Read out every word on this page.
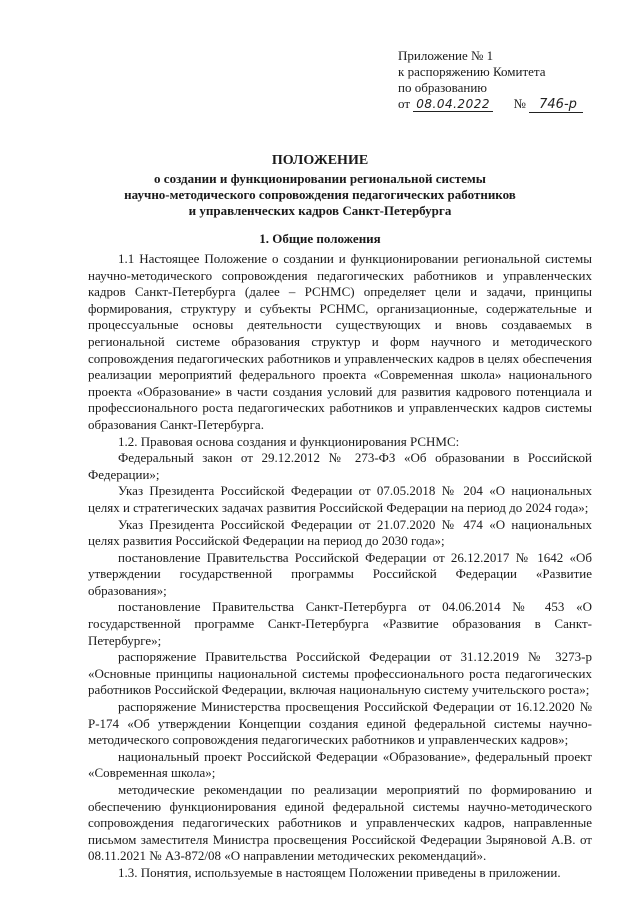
Приложение № 1
к распоряжению Комитета
по образованию
от 08.04.2022 № 746-р
ПОЛОЖЕНИЕ
о создании и функционировании региональной системы
научно-методического сопровождения педагогических работников
и управленческих кадров Санкт-Петербурга
1. Общие положения

1.1 Настоящее Положение о создании и функционировании региональной системы научно-методического сопровождения педагогических работников и управленческих кадров Санкт-Петербурга (далее – РСНМС) определяет цели и задачи, принципы формирования, структуру и субъекты РСНМС, организационные, содержательные и процессуальные основы деятельности существующих и вновь создаваемых в региональной системе образования структур и форм научного и методического сопровождения педагогических работников и управленческих кадров в целях обеспечения реализации мероприятий федерального проекта «Современная школа» национального проекта «Образование» в части создания условий для развития кадрового потенциала и профессионального роста педагогических работников и управленческих кадров системы образования Санкт-Петербурга.

1.2. Правовая основа создания и функционирования РСНМС:

Федеральный закон от 29.12.2012 № 273-ФЗ «Об образовании в Российской Федерации»;

Указ Президента Российской Федерации от 07.05.2018 № 204 «О национальных целях и стратегических задачах развития Российской Федерации на период до 2024 года»;

Указ Президента Российской Федерации от 21.07.2020 № 474 «О национальных целях развития Российской Федерации на период до 2030 года»;

постановление Правительства Российской Федерации от 26.12.2017 № 1642 «Об утверждении государственной программы Российской Федерации «Развитие образования»;

постановление Правительства Санкт-Петербурга от 04.06.2014 № 453 «О государственной программе Санкт-Петербурга «Развитие образования в Санкт-Петербурге»;

распоряжение Правительства Российской Федерации от 31.12.2019 № 3273-р «Основные принципы национальной системы профессионального роста педагогических работников Российской Федерации, включая национальную систему учительского роста»;

распоряжение Министерства просвещения Российской Федерации от 16.12.2020 № Р-174 «Об утверждении Концепции создания единой федеральной системы научно-методического сопровождения педагогических работников и управленческих кадров»;

национальный проект Российской Федерации «Образование», федеральный проект «Современная школа»;

методические рекомендации по реализации мероприятий по формированию и обеспечению функционирования единой федеральной системы научно-методического сопровождения педагогических работников и управленческих кадров, направленные письмом заместителя Министра просвещения Российской Федерации Зыряновой А.В. от 08.11.2021 № АЗ-872/08 «О направлении методических рекомендаций».

1.3. Понятия, используемые в настоящем Положении приведены в приложении.
